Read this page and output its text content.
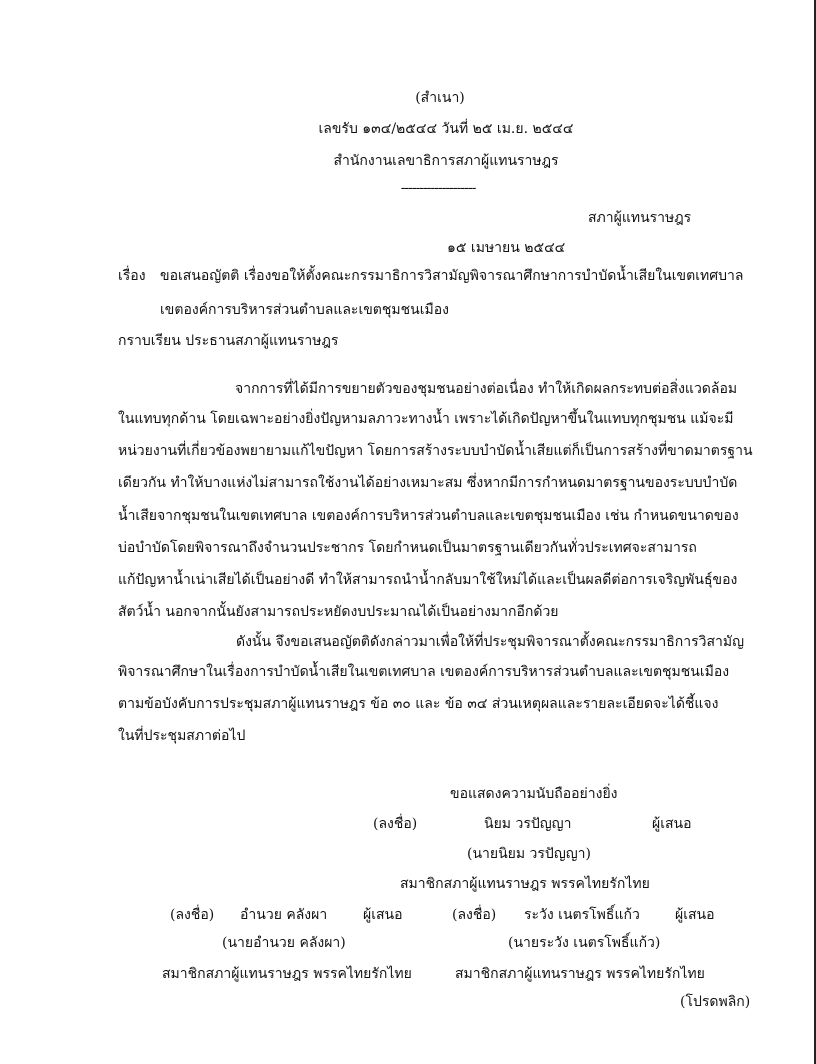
(สำเนา)
เลขรับ ๑๓๔/๒๕๔๔ วันที่ ๒๕ เม.ย. ๒๕๔๔
สำนักงานเลขาธิการสภาผู้แทนราษฎร
--------------------
สภาผู้แทนราษฎร
๑๕ เมษายน ๒๕๔๔
เรื่อง ขอเสนอญัตติ เรื่องขอให้ตั้งคณะกรรมาธิการวิสามัญพิจารณาศึกษาการบำบัดน้ำเสียในเขตเทศบาล
เขตองค์การบริหารส่วนตำบลและเขตชุมชนเมือง
กราบเรียน ประธานสภาผู้แทนราษฎร
จากการที่ได้มีการขยายตัวของชุมชนอย่างต่อเนื่อง ทำให้เกิดผลกระทบต่อสิ่งแวดล้อม
ในแทบทุกด้าน โดยเฉพาะอย่างยิ่งปัญหามลภาวะทางน้ำ เพราะได้เกิดปัญหาขึ้นในแทบทุกชุมชน แม้จะมี
หน่วยงานที่เกี่ยวข้องพยายามแก้ไขปัญหา โดยการสร้างระบบบำบัดน้ำเสียแต่ก็เป็นการสร้างที่ขาดมาตรฐาน
เดียวกัน ทำให้บางแห่งไม่สามารถใช้งานได้อย่างเหมาะสม ซึ่งหากมีการกำหนดมาตรฐานของระบบบำบัด
น้ำเสียจากชุมชนในเขตเทศบาล เขตองค์การบริหารส่วนตำบลและเขตชุมชนเมือง เช่น กำหนดขนาดของ
บ่อบำบัดโดยพิจารณาถึงจำนวนประชากร โดยกำหนดเป็นมาตรฐานเดียวกันทั่วประเทศจะสามารถ
แก้ปัญหาน้ำเน่าเสียได้เป็นอย่างดี ทำให้สามารถนำน้ำกลับมาใช้ใหม่ได้และเป็นผลดีต่อการเจริญพันธุ์ของ
สัตว์น้ำ นอกจากนั้นยังสามารถประหยัดงบประมาณได้เป็นอย่างมากอีกด้วย
ดังนั้น จึงขอเสนอญัตติดังกล่าวมาเพื่อให้ที่ประชุมพิจารณาตั้งคณะกรรมาธิการวิสามัญ
พิจารณาศึกษาในเรื่องการบำบัดน้ำเสียในเขตเทศบาล เขตองค์การบริหารส่วนตำบลและเขตชุมชนเมือง
ตามข้อบังคับการประชุมสภาผู้แทนราษฎร ข้อ ๓๐ และ ข้อ ๓๔ ส่วนเหตุผลและรายละเอียดจะได้ชี้แจง
ในที่ประชุมสภาต่อไป
ขอแสดงความนับถืออย่างยิ่ง
(ลงชื่อ)	นิยม วรปัญญา	ผู้เสนอ
(นายนิยม วรปัญญา)
สมาชิกสภาผู้แทนราษฎร พรรคไทยรักไทย
(ลงชื่อ) อำนวย คลังผา	ผู้เสนอ
(นายอำนวย คลังผา)
สมาชิกสภาผู้แทนราษฎร พรรคไทยรักไทย
(ลงชื่อ) ระวัง เนตรโพธิ์แก้ว	ผู้เสนอ
(นายระวัง เนตรโพธิ์แก้ว)
สมาชิกสภาผู้แทนราษฎร พรรคไทยรักไทย
(โปรดพลิก)
